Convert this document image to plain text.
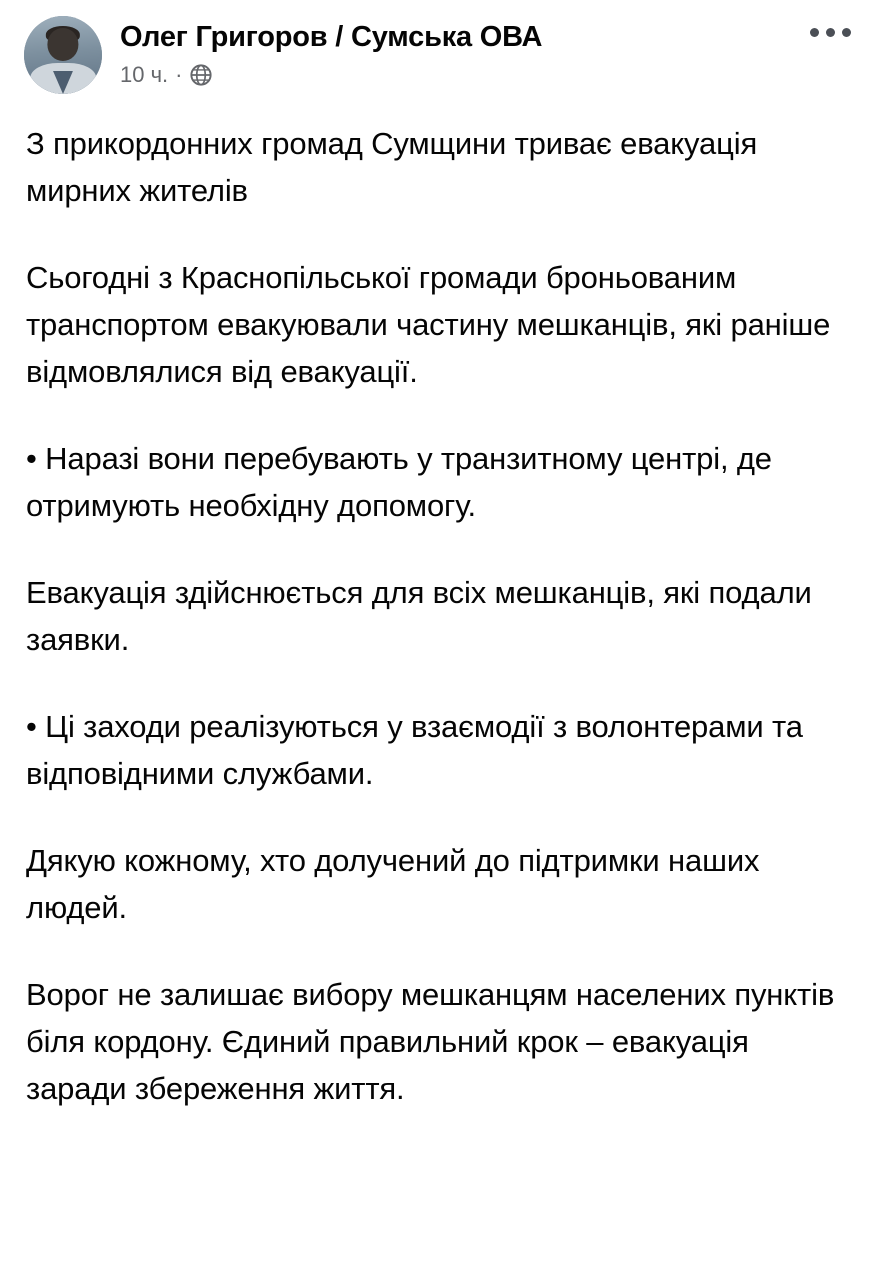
Олег Григоров / Сумська ОВА
10 ч. ·

З прикордонних громад Сумщини триває евакуація мирних жителів

Сьогодні з Краснопільської громади броньованим транспортом евакуювали частину мешканців, які раніше відмовлялися від евакуації.

• Наразі вони перебувають у транзитному центрі, де отримують необхідну допомогу.

Евакуація здійснюється для всіх мешканців, які подали заявки.

• Ці заходи реалізуються у взаємодії з волонтерами та відповідними службами.

Дякую кожному, хто долучений до підтримки наших людей.

Ворог не залишає вибору мешканцям населених пунктів біля кордону. Єдиний правильний крок – евакуація заради збереження життя.
